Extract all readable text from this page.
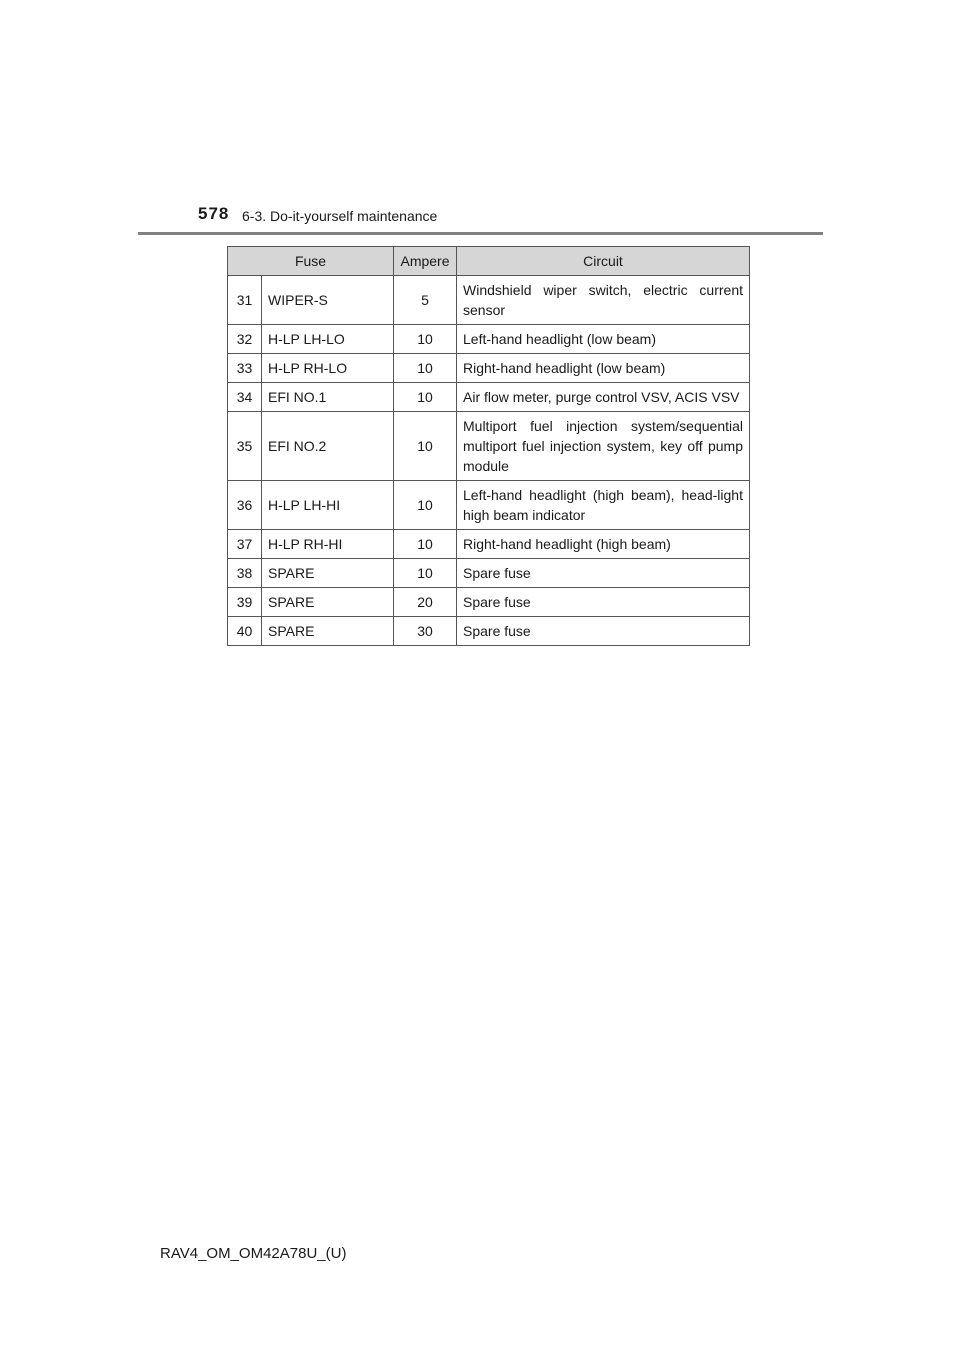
578 6-3. Do-it-yourself maintenance
Fuse		Ampere	Circuit
31	WIPER-S	5	Windshield wiper switch, electric current sensor
32	H-LP LH-LO	10	Left-hand headlight (low beam)
33	H-LP RH-LO	10	Right-hand headlight (low beam)
34	EFI NO.1	10	Air flow meter, purge control VSV, ACIS VSV
35	EFI NO.2	10	Multiport fuel injection system/sequential multiport fuel injection system, key off pump module
36	H-LP LH-HI	10	Left-hand headlight (high beam), head-light high beam indicator
37	H-LP RH-HI	10	Right-hand headlight (high beam)
38	SPARE	10	Spare fuse
39	SPARE	20	Spare fuse
40	SPARE	30	Spare fuse
RAV4_OM_OM42A78U_(U)
